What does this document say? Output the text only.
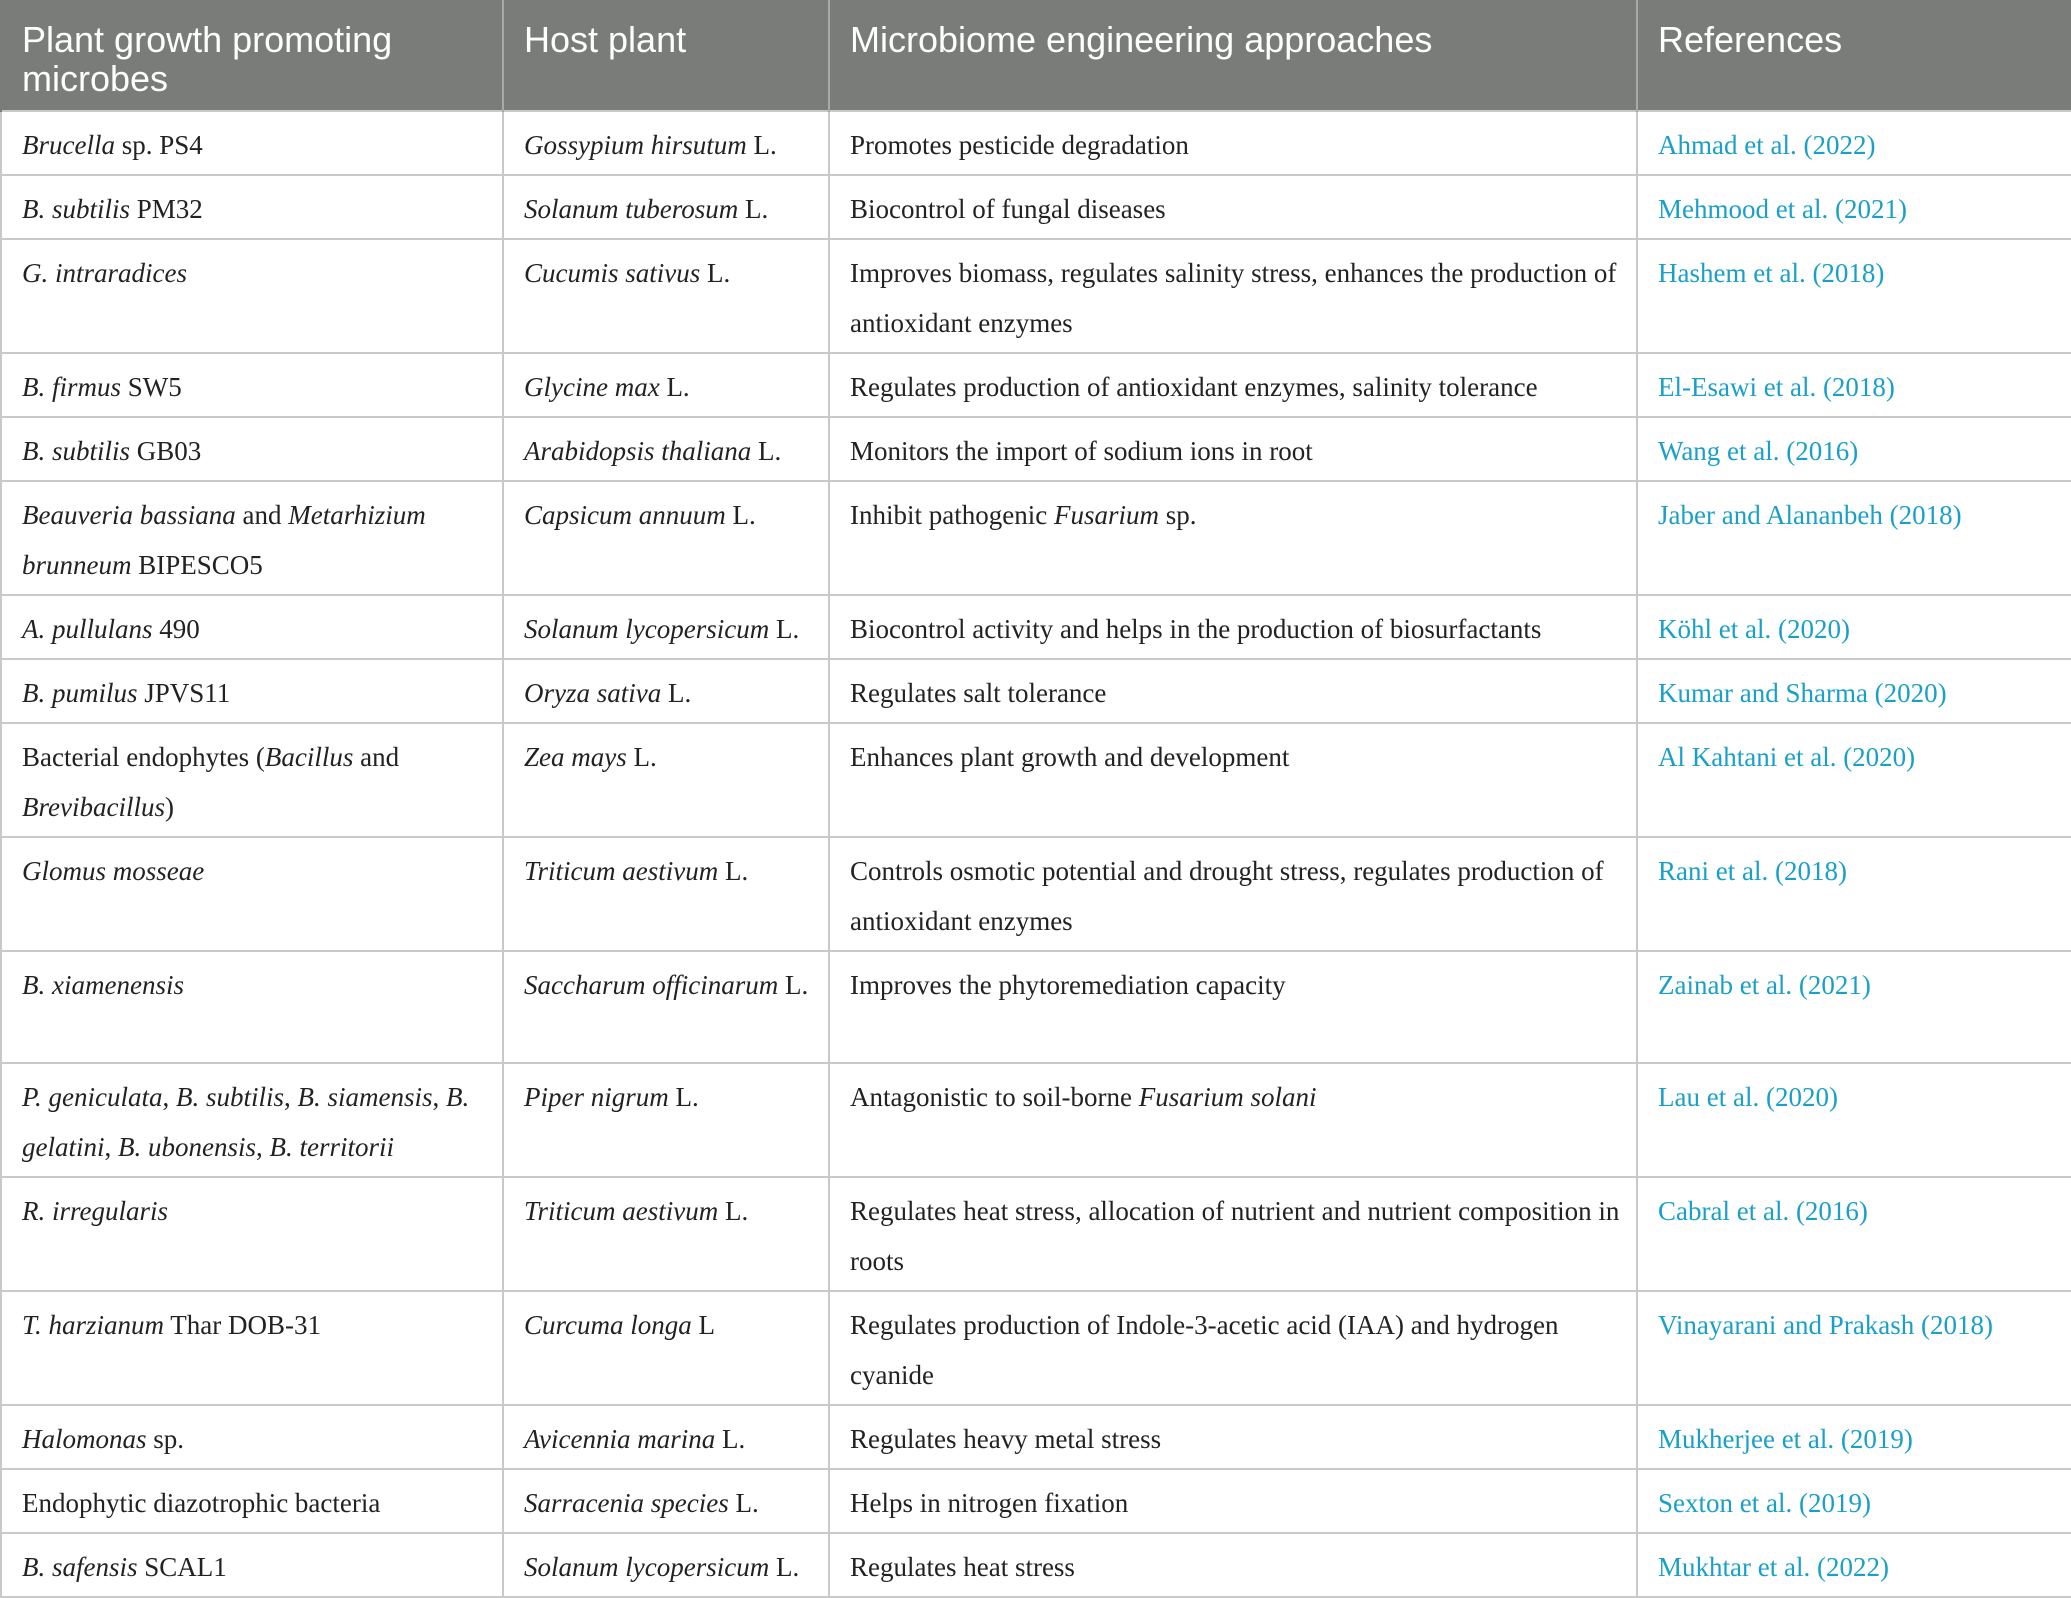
Plant growth promoting microbes	Host plant	Microbiome engineering approaches	References
Brucella sp. PS4	Gossypium hirsutum L.	Promotes pesticide degradation	Ahmad et al. (2022)
B. subtilis PM32	Solanum tuberosum L.	Biocontrol of fungal diseases	Mehmood et al. (2021)
G. intraradices	Cucumis sativus L.	Improves biomass, regulates salinity stress, enhances the production of antioxidant enzymes	Hashem et al. (2018)
B. firmus SW5	Glycine max L.	Regulates production of antioxidant enzymes, salinity tolerance	El-Esawi et al. (2018)
B. subtilis GB03	Arabidopsis thaliana L.	Monitors the import of sodium ions in root	Wang et al. (2016)
Beauveria bassiana and Metarhizium brunneum BIPESCO5	Capsicum annuum L.	Inhibit pathogenic Fusarium sp.	Jaber and Alananbeh (2018)
A. pullulans 490	Solanum lycopersicum L.	Biocontrol activity and helps in the production of biosurfactants	Köhl et al. (2020)
B. pumilus JPVS11	Oryza sativa L.	Regulates salt tolerance	Kumar and Sharma (2020)
Bacterial endophytes (Bacillus and Brevibacillus)	Zea mays L.	Enhances plant growth and development	Al Kahtani et al. (2020)
Glomus mosseae	Triticum aestivum L.	Controls osmotic potential and drought stress, regulates production of antioxidant enzymes	Rani et al. (2018)
B. xiamenensis	Saccharum officinarum L.	Improves the phytoremediation capacity	Zainab et al. (2021)
P. geniculata, B. subtilis, B. siamensis, B. gelatini, B. ubonensis, B. territorii	Piper nigrum L.	Antagonistic to soil-borne Fusarium solani	Lau et al. (2020)
R. irregularis	Triticum aestivum L.	Regulates heat stress, allocation of nutrient and nutrient composition in roots	Cabral et al. (2016)
T. harzianum Thar DOB-31	Curcuma longa L	Regulates production of Indole-3-acetic acid (IAA) and hydrogen cyanide	Vinayarani and Prakash (2018)
Halomonas sp.	Avicennia marina L.	Regulates heavy metal stress	Mukherjee et al. (2019)
Endophytic diazotrophic bacteria	Sarracenia species L.	Helps in nitrogen fixation	Sexton et al. (2019)
B. safensis SCAL1	Solanum lycopersicum L.	Regulates heat stress	Mukhtar et al. (2022)
